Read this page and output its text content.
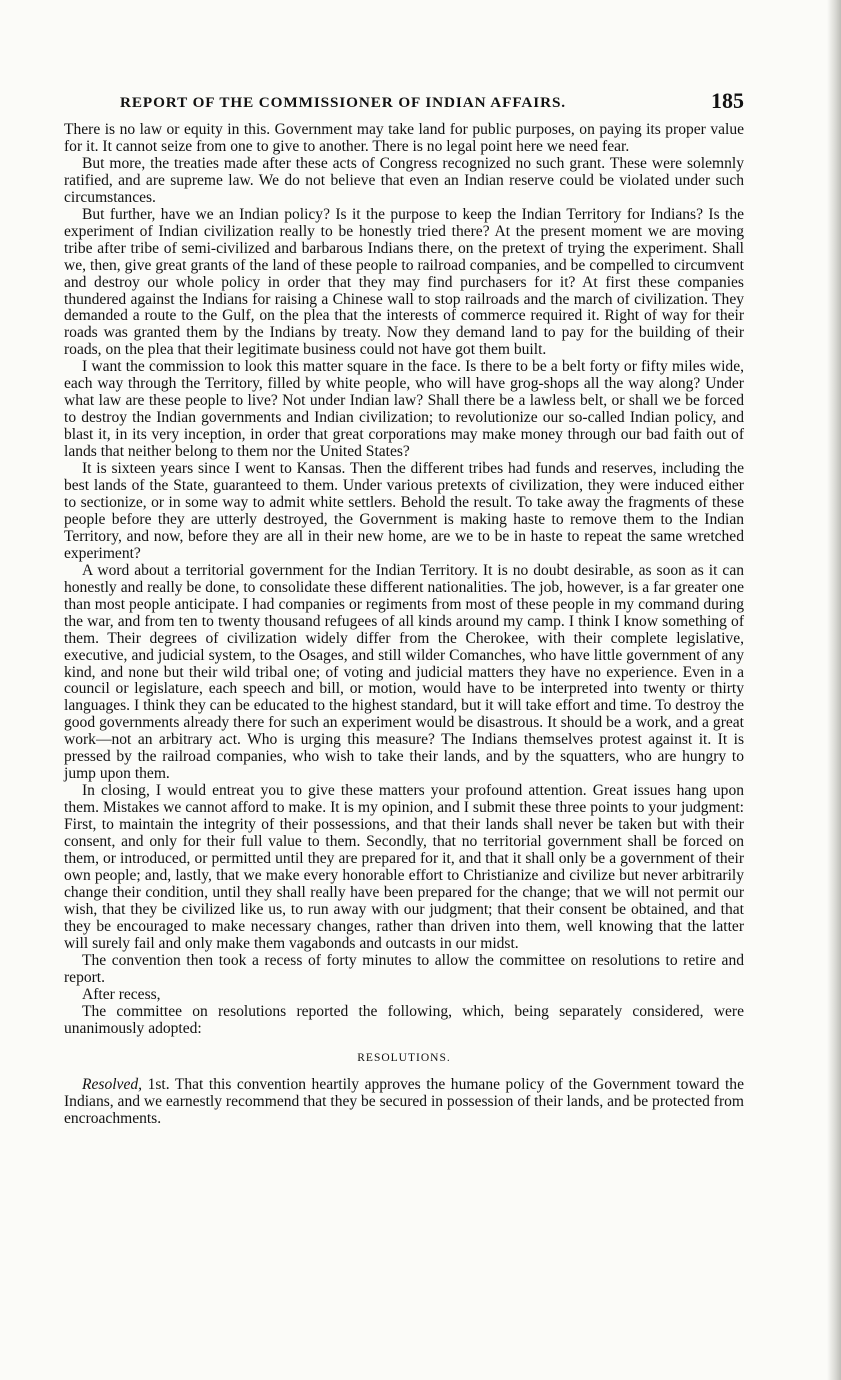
REPORT OF THE COMMISSIONER OF INDIAN AFFAIRS.	185

There is no law or equity in this. Government may take land for public purposes, on paying its proper value for it. It cannot seize from one to give to another. There is no legal point here we need fear.

But more, the treaties made after these acts of Congress recognized no such grant. These were solemnly ratified, and are supreme law. We do not believe that even an Indian reserve could be violated under such circumstances.

But further, have we an Indian policy? Is it the purpose to keep the Indian Territory for Indians? Is the experiment of Indian civilization really to be honestly tried there? At the present moment we are moving tribe after tribe of semi-civilized and barbarous Indians there, on the pretext of trying the experiment. Shall we, then, give great grants of the land of these people to railroad companies, and be compelled to circumvent and destroy our whole policy in order that they may find purchasers for it? At first these companies thundered against the Indians for raising a Chinese wall to stop railroads and the march of civilization. They demanded a route to the Gulf, on the plea that the interests of commerce required it. Right of way for their roads was granted them by the Indians by treaty. Now they demand land to pay for the building of their roads, on the plea that their legitimate business could not have got them built.

I want the commission to look this matter square in the face. Is there to be a belt forty or fifty miles wide, each way through the Territory, filled by white people, who will have grog-shops all the way along? Under what law are these people to live? Not under Indian law? Shall there be a lawless belt, or shall we be forced to destroy the Indian governments and Indian civilization; to revolutionize our so-called Indian policy, and blast it, in its very inception, in order that great corporations may make money through our bad faith out of lands that neither belong to them nor the United States?

It is sixteen years since I went to Kansas. Then the different tribes had funds and reserves, including the best lands of the State, guaranteed to them. Under various pretexts of civilization, they were induced either to sectionize, or in some way to admit white settlers. Behold the result. To take away the fragments of these people before they are utterly destroyed, the Government is making haste to remove them to the Indian Territory, and now, before they are all in their new home, are we to be in haste to repeat the same wretched experiment?

A word about a territorial government for the Indian Territory. It is no doubt desirable, as soon as it can honestly and really be done, to consolidate these different nationalities. The job, however, is a far greater one than most people anticipate. I had companies or regiments from most of these people in my command during the war, and from ten to twenty thousand refugees of all kinds around my camp. I think I know something of them. Their degrees of civilization widely differ from the Cherokee, with their complete legislative, executive, and judicial system, to the Osages, and still wilder Comanches, who have little government of any kind, and none but their wild tribal one; of voting and judicial matters they have no experience. Even in a council or legislature, each speech and bill, or motion, would have to be interpreted into twenty or thirty languages. I think they can be educated to the highest standard, but it will take effort and time. To destroy the good governments already there for such an experiment would be disastrous. It should be a work, and a great work—not an arbitrary act. Who is urging this measure? The Indians themselves protest against it. It is pressed by the railroad companies, who wish to take their lands, and by the squatters, who are hungry to jump upon them.

In closing, I would entreat you to give these matters your profound attention. Great issues hang upon them. Mistakes we cannot afford to make. It is my opinion, and I submit these three points to your judgment: First, to maintain the integrity of their possessions, and that their lands shall never be taken but with their consent, and only for their full value to them. Secondly, that no territorial government shall be forced on them, or introduced, or permitted until they are prepared for it, and that it shall only be a government of their own people; and, lastly, that we make every honorable effort to Christianize and civilize but never arbitrarily change their condition, until they shall really have been prepared for the change; that we will not permit our wish, that they be civilized like us, to run away with our judgment; that their consent be obtained, and that they be encouraged to make necessary changes, rather than driven into them, well knowing that the latter will surely fail and only make them vagabonds and outcasts in our midst.

The convention then took a recess of forty minutes to allow the committee on resolutions to retire and report.

After recess,

The committee on resolutions reported the following, which, being separately considered, were unanimously adopted:

RESOLUTIONS.

Resolved, 1st. That this convention heartily approves the humane policy of the Government toward the Indians, and we earnestly recommend that they be secured in possession of their lands, and be protected from encroachments.
